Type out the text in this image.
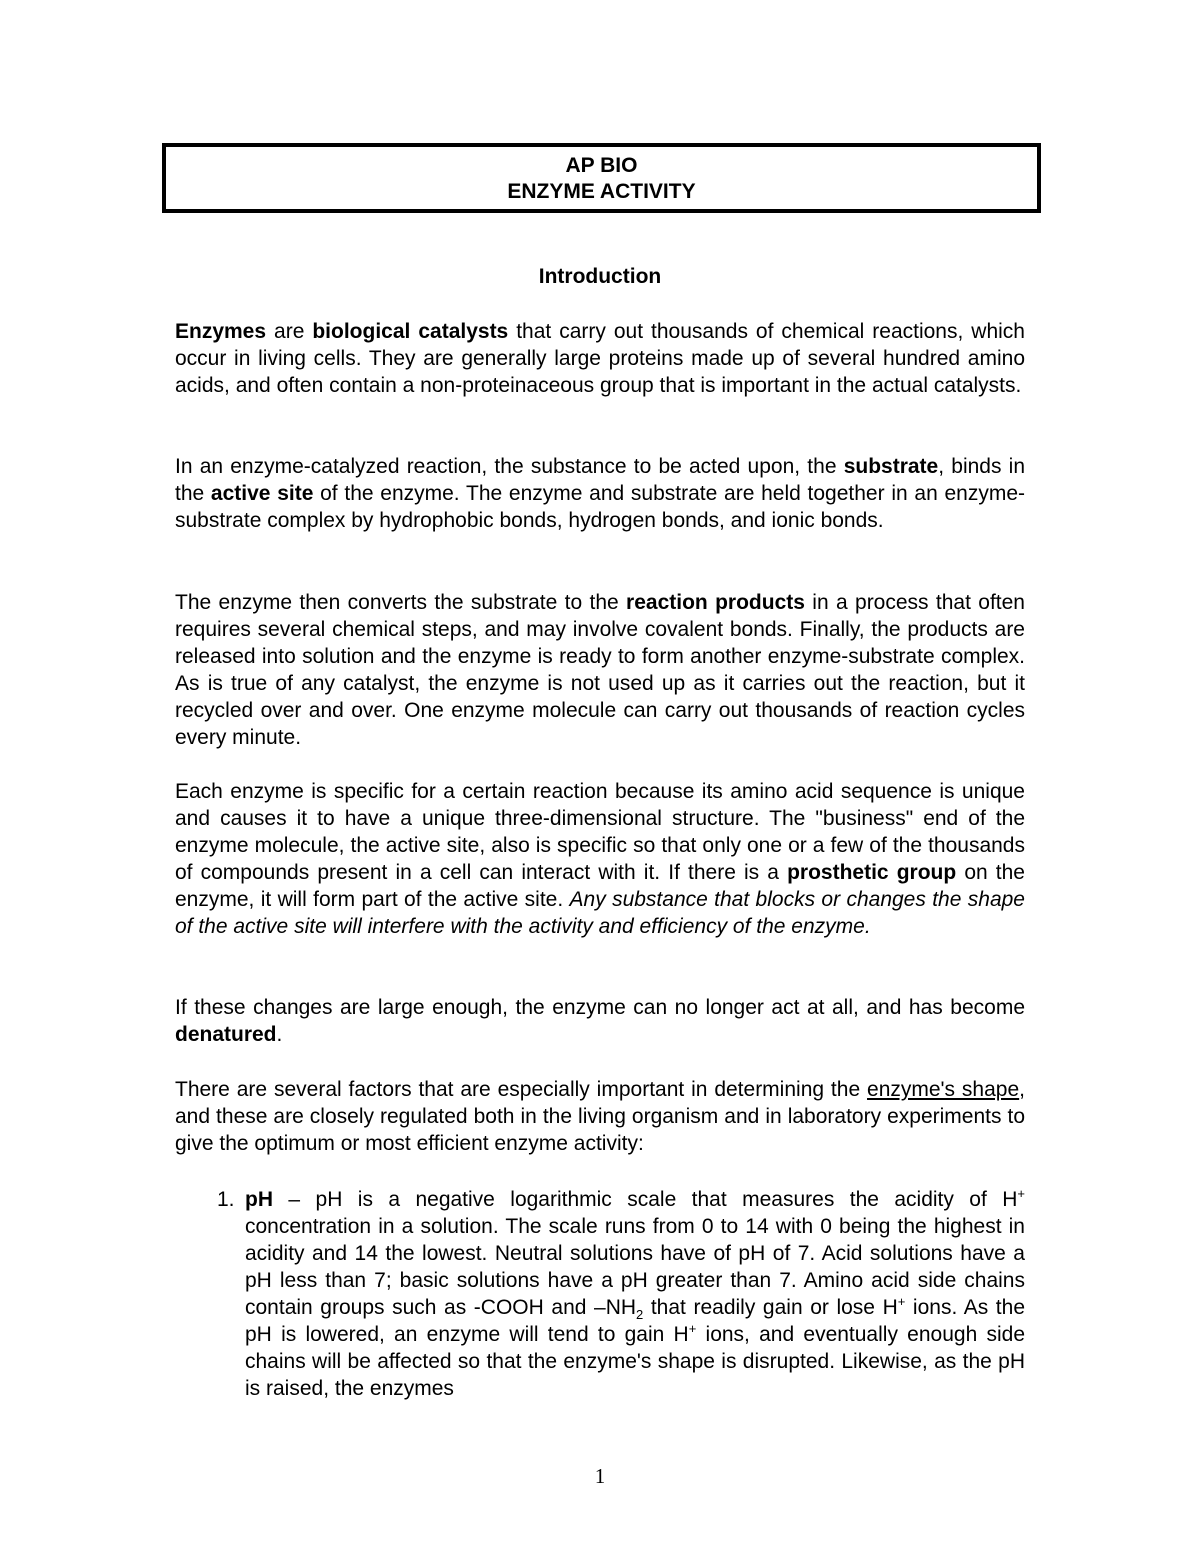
AP BIO
ENZYME ACTIVITY
Introduction

Enzymes are biological catalysts that carry out thousands of chemical reactions, which occur in living cells. They are generally large proteins made up of several hundred amino acids, and often contain a non-proteinaceous group that is important in the actual catalysts.

In an enzyme-catalyzed reaction, the substance to be acted upon, the substrate, binds in the active site of the enzyme. The enzyme and substrate are held together in an enzyme-substrate complex by hydrophobic bonds, hydrogen bonds, and ionic bonds.

The enzyme then converts the substrate to the reaction products in a process that often requires several chemical steps, and may involve covalent bonds. Finally, the products are released into solution and the enzyme is ready to form another enzyme-substrate complex. As is true of any catalyst, the enzyme is not used up as it carries out the reaction, but it recycled over and over. One enzyme molecule can carry out thousands of reaction cycles every minute.

Each enzyme is specific for a certain reaction because its amino acid sequence is unique and causes it to have a unique three-dimensional structure. The "business" end of the enzyme molecule, the active site, also is specific so that only one or a few of the thousands of compounds present in a cell can interact with it. If there is a prosthetic group on the enzyme, it will form part of the active site. Any substance that blocks or changes the shape of the active site will interfere with the activity and efficiency of the enzyme.

If these changes are large enough, the enzyme can no longer act at all, and has become denatured.

There are several factors that are especially important in determining the enzyme's shape, and these are closely regulated both in the living organism and in laboratory experiments to give the optimum or most efficient enzyme activity:

1. pH – pH is a negative logarithmic scale that measures the acidity of H+ concentration in a solution. The scale runs from 0 to 14 with 0 being the highest in acidity and 14 the lowest. Neutral solutions have of pH of 7. Acid solutions have a pH less than 7; basic solutions have a pH greater than 7. Amino acid side chains contain groups such as -COOH and $-NH_2$ that readily gain or lose H+ ions. As the pH is lowered, an enzyme will tend to gain H+ ions, and eventually enough side chains will be affected so that the enzyme's shape is disrupted. Likewise, as the pH is raised, the enzymes
1
